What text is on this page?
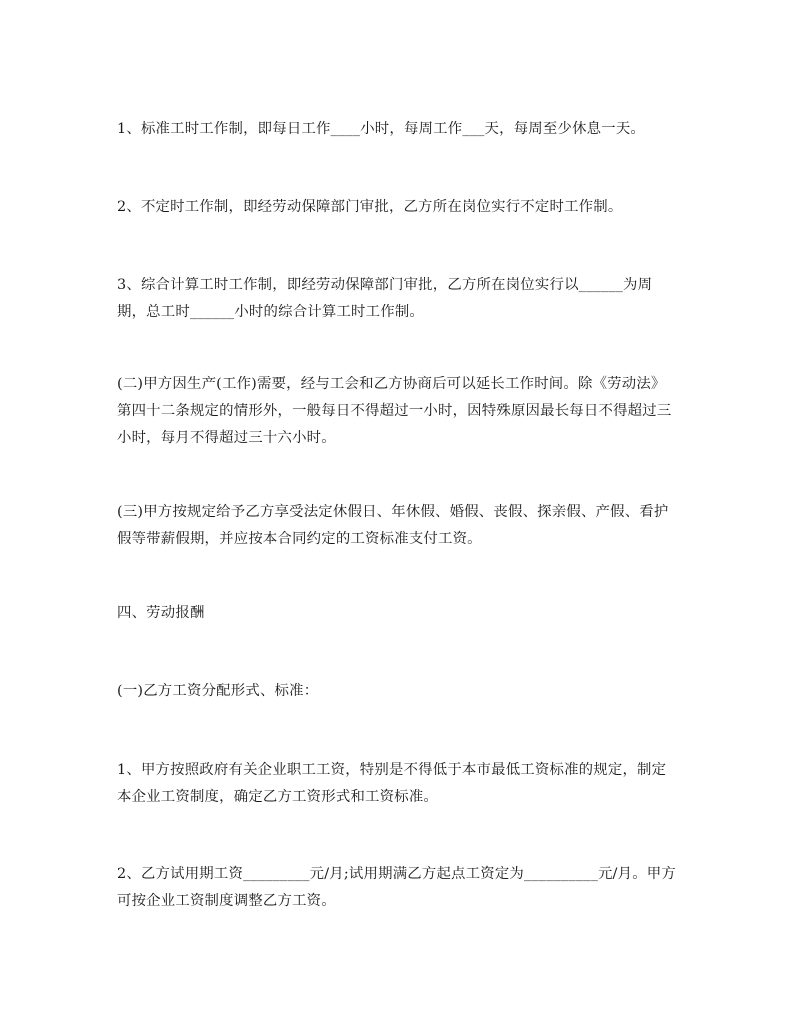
1、标准工时工作制，即每日工作____小时，每周工作___天，每周至少休息一天。

2、不定时工作制，即经劳动保障部门审批，乙方所在岗位实行不定时工作制。

3、综合计算工时工作制，即经劳动保障部门审批，乙方所在岗位实行以______为周期，总工时______小时的综合计算工时工作制。

(二)甲方因生产(工作)需要，经与工会和乙方协商后可以延长工作时间。除《劳动法》第四十二条规定的情形外，一般每日不得超过一小时，因特殊原因最长每日不得超过三小时，每月不得超过三十六小时。

(三)甲方按规定给予乙方享受法定休假日、年休假、婚假、丧假、探亲假、产假、看护假等带薪假期，并应按本合同约定的工资标准支付工资。

四、劳动报酬

(一)乙方工资分配形式、标准：

1、甲方按照政府有关企业职工工资，特别是不得低于本市最低工资标准的规定，制定本企业工资制度，确定乙方工资形式和工资标准。

2、乙方试用期工资_________元/月;试用期满乙方起点工资定为__________元/月。甲方可按企业工资制度调整乙方工资。
